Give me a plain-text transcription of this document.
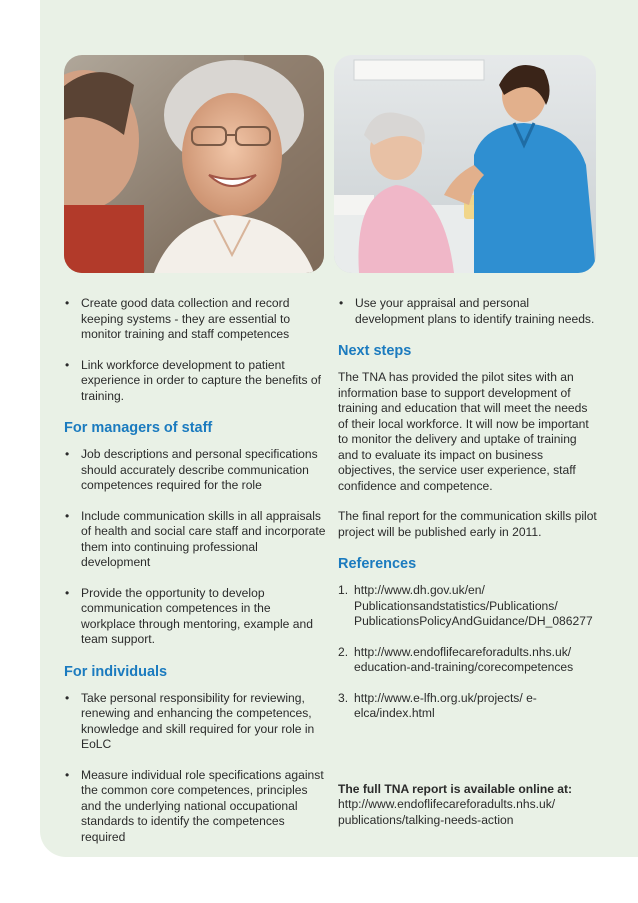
• Create good data collection and record keeping systems - they are essential to monitor training and staff competences
• Link workforce development to patient experience in order to capture the benefits of training.
For managers of staff
• Job descriptions and personal specifications should accurately describe communication competences required for the role
• Include communication skills in all appraisals of health and social care staff and incorporate them into continuing professional development
• Provide the opportunity to develop communication competences in the workplace through mentoring, example and team support.
For individuals
• Take personal responsibility for reviewing, renewing and enhancing the competences, knowledge and skill required for your role in EoLC
• Measure individual role specifications against the common core competences, principles and the underlying national occupational standards to identify the competences required
• Use your appraisal and personal development plans to identify training needs.
Next steps

The TNA has provided the pilot sites with an information base to support development of training and education that will meet the needs of their local workforce. It will now be important to monitor the delivery and uptake of training and to evaluate its impact on business objectives, the service user experience, staff confidence and competence.

The final report for the communication skills pilot project will be published early in 2011.

References
1. http://www.dh.gov.uk/en/ Publicationsandstatistics/Publications/ PublicationsPolicyAndGuidance/DH_086277
2. http://www.endoflifecareforadults.nhs.uk/ education-and-training/corecompetences
3. http://www.e-lfh.org.uk/projects/ e-elca/index.html

The full TNA report is available online at:

http://www.endoflifecareforadults.nhs.uk/ publications/talking-needs-action
